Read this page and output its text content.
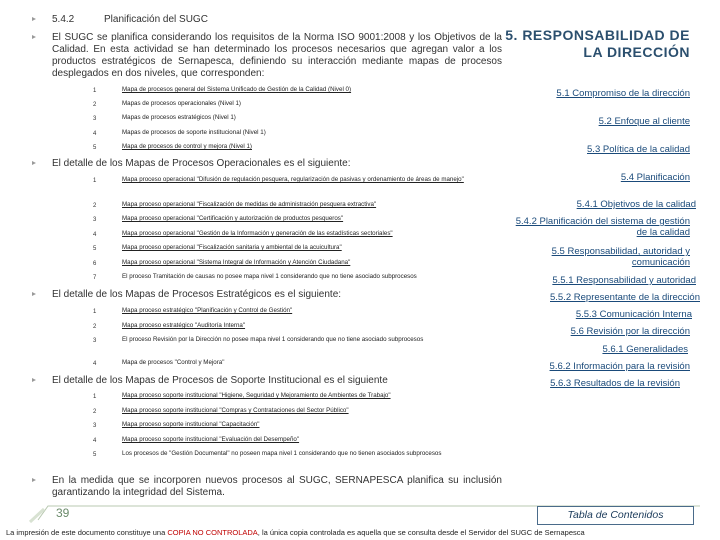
5.4.2	Planificación del SUGC
El SUGC se planifica considerando los requisitos de la Norma ISO 9001:2008 y los Objetivos de la Calidad. En esta actividad se han determinado los procesos necesarios que agregan valor a los productos estratégicos de Sernapesca, definiendo su interacción mediante mapas de procesos desplegados en dos niveles, que corresponden:
1	Mapa de procesos general del Sistema Unificado de Gestión de la Calidad (Nivel 0)
2	Mapas de procesos operacionales (Nivel 1)
3	Mapas de procesos estratégicos (Nivel 1)
4	Mapas de procesos de soporte institucional (Nivel 1)
5	Mapa de procesos de control y mejora (Nivel 1)
El detalle de los Mapas de Procesos Operacionales es el siguiente:
1	Mapa proceso operacional "Difusión de regulación pesquera, regularización de pasivas y ordenamiento de áreas de manejo"
2	Mapa proceso operacional "Fiscalización de medidas de administración pesquera extractiva"
3	Mapa proceso operacional "Certificación y autorización de productos pesqueros"
4	Mapa proceso operacional "Gestión de la Información y generación de las estadísticas sectoriales"
5	Mapa proceso operacional "Fiscalización sanitaria y ambiental de la acuicultura"
6	Mapa proceso operacional "Sistema Integral de Información y Atención Ciudadana"
7	El proceso Tramitación de causas no posee mapa nivel 1 considerando que no tiene asociado subprocesos
El detalle de los Mapas de Procesos Estratégicos es el siguiente:
1	Mapa proceso estratégico "Planificación y Control de Gestión"
2	Mapa proceso estratégico "Auditoría Interna"
3	El proceso Revisión por la Dirección no posee mapa nivel 1 considerando que no tiene asociado subprocesos
4	Mapa de procesos "Control y Mejora"
El detalle de los Mapas de Procesos de Soporte Institucional es el siguiente
1	Mapa proceso soporte institucional "Higiene, Seguridad y Mejoramiento de Ambientes de Trabajo"
2	Mapa proceso soporte institucional "Compras y Contrataciones del Sector Público"
3	Mapa proceso soporte institucional "Capacitación"
4	Mapa proceso soporte institucional "Evaluación del Desempeño"
5	Los procesos de "Gestión Documental" no poseen mapa nivel 1 considerando que no tienen asociados subprocesos
En la medida que se incorporen nuevos procesos al SUGC, SERNAPESCA planifica su inclusión garantizando la integridad del Sistema.
5. RESPONSABILIDAD DE
LA DIRECCIÓN
5.1 Compromiso de la dirección
5.2 Enfoque al cliente
5.3 Política de la calidad
5.4 Planificación
5.4.1 Objetivos de la calidad
5.4.2 Planificación del sistema de gestión de la calidad
5.5 Responsabilidad, autoridad y comunicación
5.5.1 Responsabilidad y autoridad
5.5.2 Representante de la dirección
5.5.3 Comunicación Interna
5.6 Revisión por la dirección
5.6.1 Generalidades
5.6.2 Información para la revisión
5.6.3 Resultados de la revisión
39	Tabla de Contenidos
La impresión de este documento constituye una COPIA NO CONTROLADA, la única copia controlada es aquella que se consulta desde el Servidor del SUGC de Sernapesca
